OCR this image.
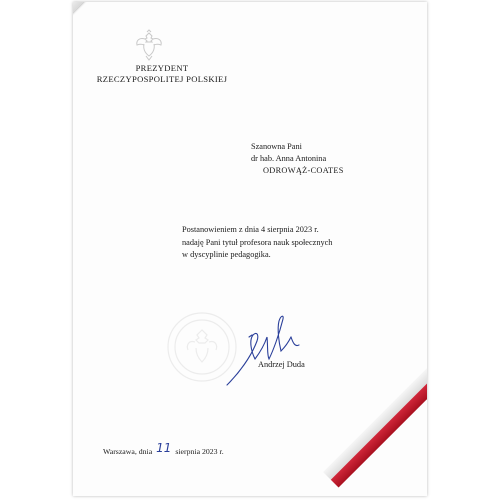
PREZYDENT
RZECZYPOSPOLITEJ POLSKIEJ
Szanowna Pani
dr hab. Anna Antonina
ODROWĄŻ-COATES
Postanowieniem z dnia 4 sierpnia 2023 r.
nadaję Pani tytuł profesora nauk społecznych
w dyscyplinie pedagogika.
Andrzej Duda
Warszawa, dnia 11 sierpnia 2023 r.
